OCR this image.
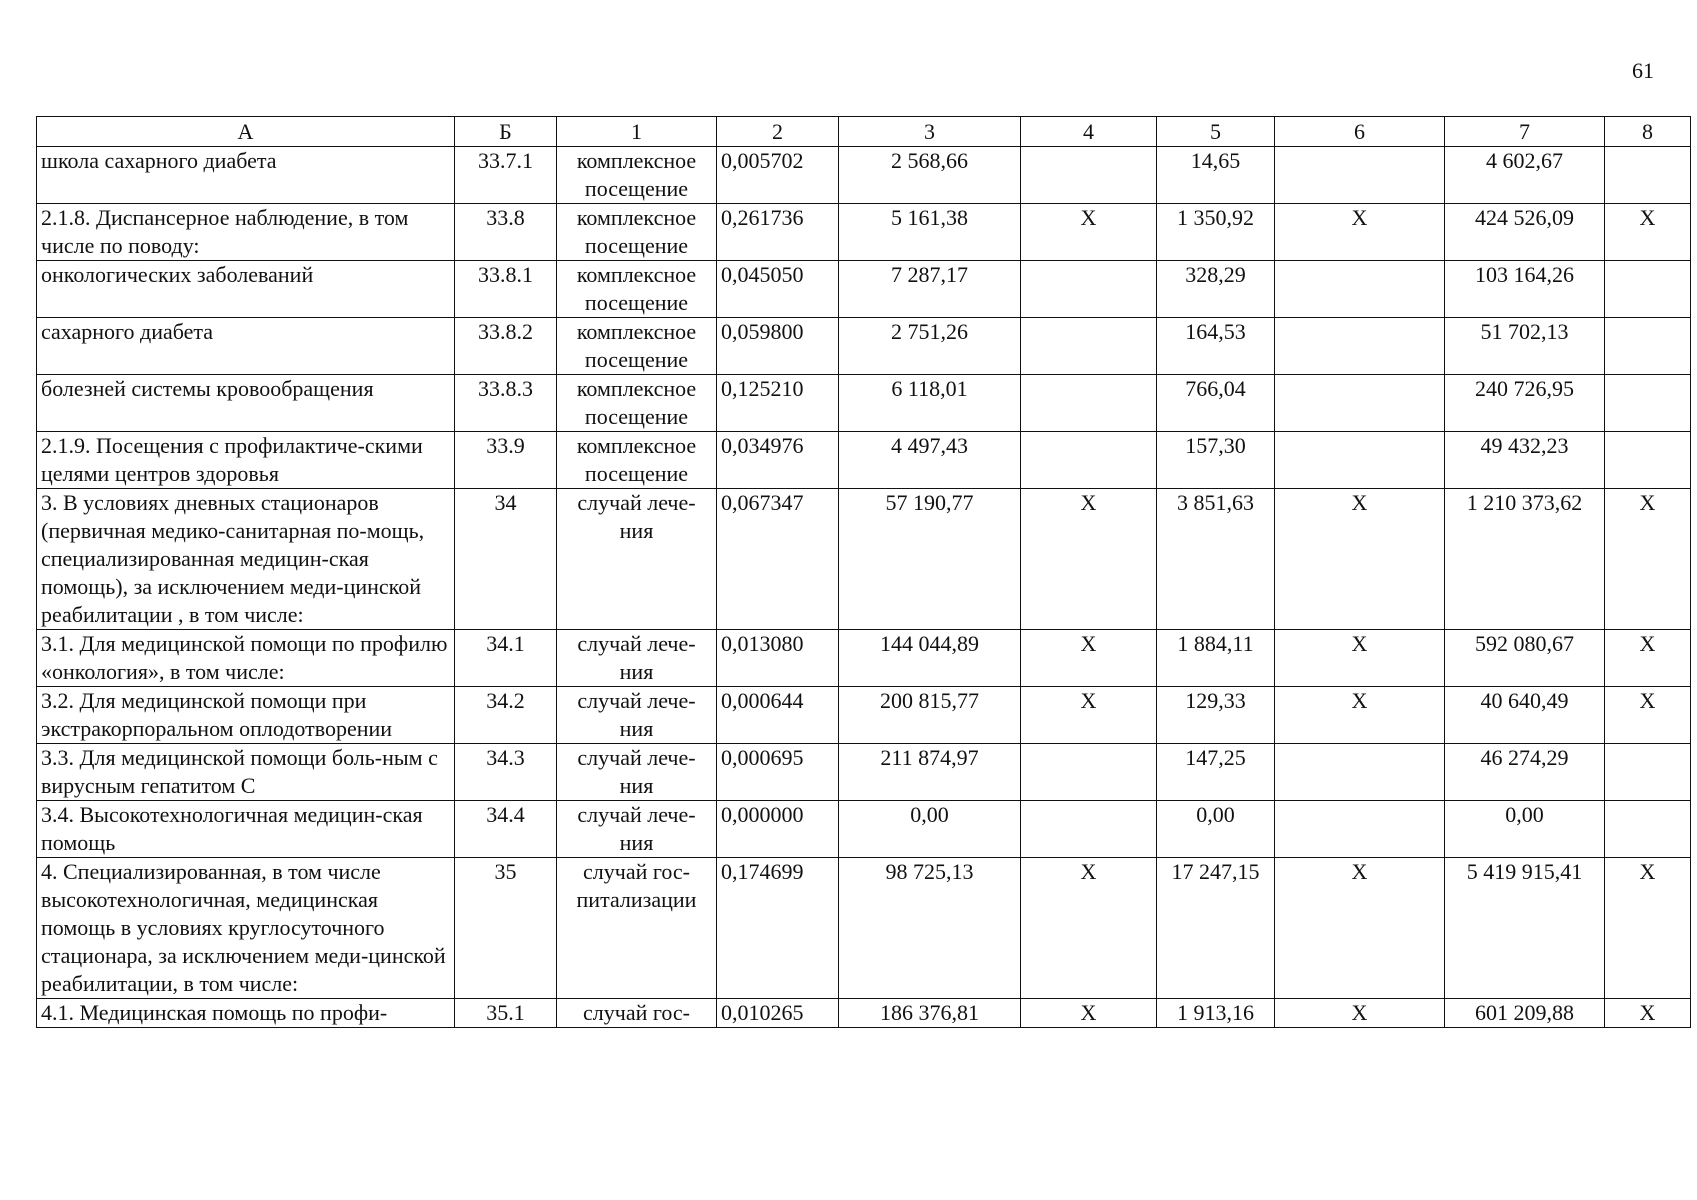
61
А	Б	1	2	3	4	5	6	7	8
школа сахарного диабета	33.7.1	комплексное посещение	0,005702	2 568,66		14,65		4 602,67	
2.1.8. Диспансерное наблюдение, в том числе по поводу:	33.8	комплексное посещение	0,261736	5 161,38	X	1 350,92	X	424 526,09	X
онкологических заболеваний	33.8.1	комплексное посещение	0,045050	7 287,17		328,29		103 164,26	
сахарного диабета	33.8.2	комплексное посещение	0,059800	2 751,26		164,53		51 702,13	
болезней системы кровообращения	33.8.3	комплексное посещение	0,125210	6 118,01		766,04		240 726,95	
2.1.9. Посещения с профилактиче-скими целями центров здоровья	33.9	комплексное посещение	0,034976	4 497,43		157,30		49 432,23	
3. В условиях дневных стационаров (первичная медико-санитарная по-мощь, специализированная медицин-ская помощь), за исключением меди-цинской реабилитации , в том числе:	34	случай лече-ния	0,067347	57 190,77	X	3 851,63	X	1 210 373,62	X
3.1. Для медицинской помощи по профилю «онкология», в том числе:	34.1	случай лече-ния	0,013080	144 044,89	X	1 884,11	X	592 080,67	X
3.2. Для медицинской помощи при экстракорпоральном оплодотворении	34.2	случай лече-ния	0,000644	200 815,77	X	129,33	X	40 640,49	X
3.3. Для медицинской помощи боль-ным с вирусным гепатитом С	34.3	случай лече-ния	0,000695	211 874,97		147,25		46 274,29	
3.4. Высокотехнологичная медицин-ская помощь	34.4	случай лече-ния	0,000000	0,00		0,00		0,00	
4. Специализированная, в том числе высокотехнологичная, медицинская помощь в условиях круглосуточного стационара, за исключением меди-цинской реабилитации, в том числе:	35	случай гос-питализации	0,174699	98 725,13	X	17 247,15	X	5 419 915,41	X
4.1. Медицинская помощь по профи-	35.1	случай гос-	0,010265	186 376,81	X	1 913,16	X	601 209,88	X
